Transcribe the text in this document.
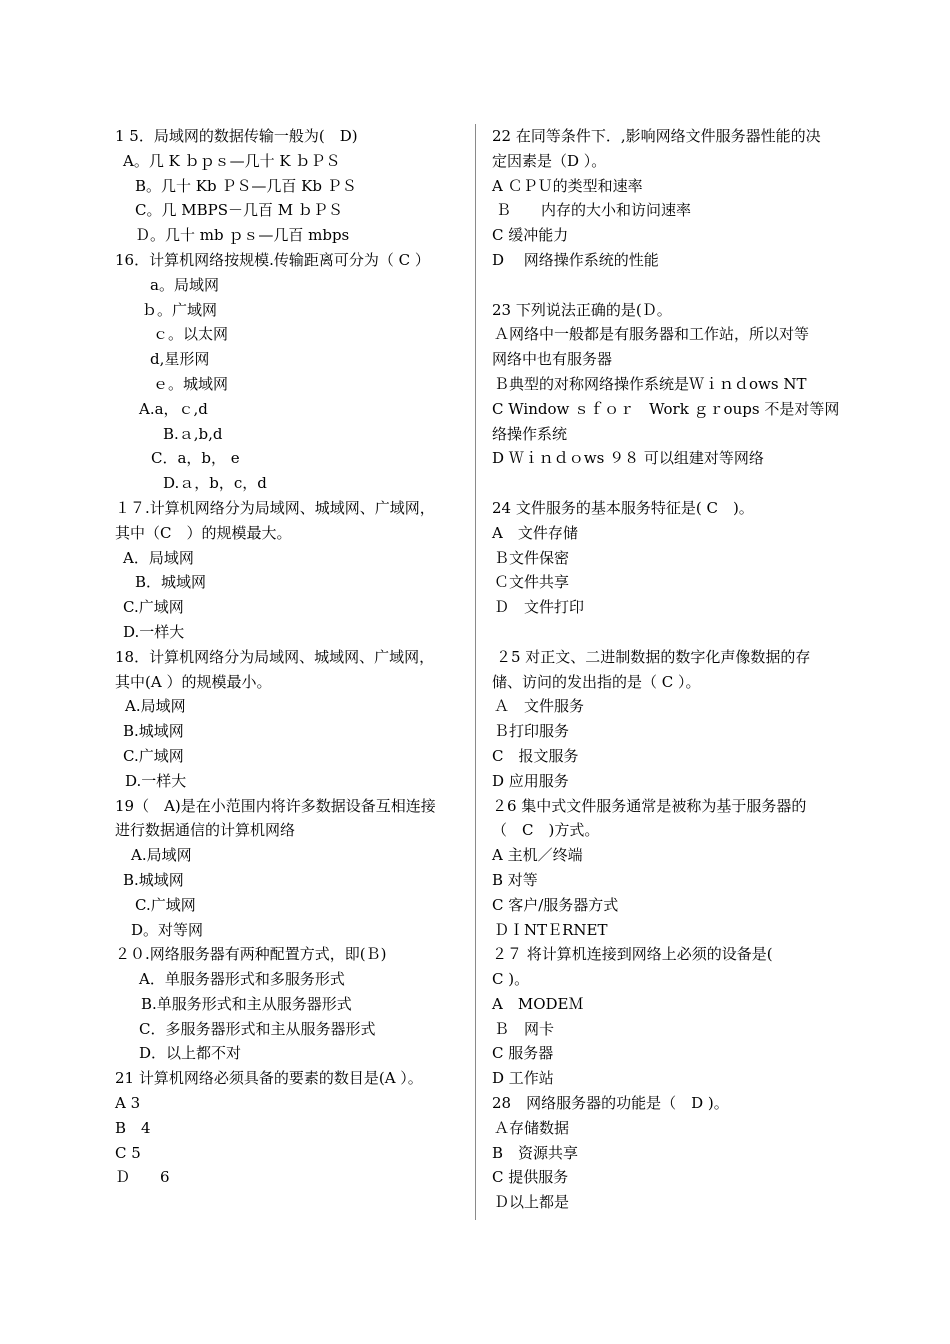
1 5．局域网的数据传输一般为(　D)
A。几 K ｂｐｓ—几十 K ｂＰＳ
B。几十 Kb ＰＳ—几百 Kb ＰＳ
C。几 MBPS－几百 M ｂＰＳ
Ｄ。几十 mb ｐｓ—几百 mbps
16．计算机网络按规模.传输距离可分为（ C ）
a。局域网
ｂ。广域网
ｃ。以太网
d,星形网
ｅ。城域网
A.a，ｃ,d
B.ａ,b,d
C．a，b， e
D.ａ，b，c，d
１７.计算机网络分为局域网、城域网、广域网，
其中（C　）的规模最大。
A．局域网
B．城域网
C.广域网
D.一样大
18．计算机网络分为局域网、城域网、广域网，
其中(A ）的规模最小。
A.局域网
B.城域网
C.广域网
D.一样大
19（　A)是在小范围内将许多数据设备互相连接
进行数据通信的计算机网络
A.局域网
B.城域网
C.广域网
D。对等网
２０.网络服务器有两种配置方式，即(Ｂ)
A．单服务器形式和多服务形式
B.单服务形式和主从服务器形式
C．多服务器形式和主从服务器形式
D．以上都不对
21 计算机网络必须具备的要素的数目是(A ）。
A 3
B　4
C 5
Ｄ　　6
22 在同等条件下．,影响网络文件服务器性能的决
定因素是（D ）。
A ＣＰＵ的类型和速率
Ｂ　　内存的大小和访问速率
C 缓冲能力
D　 网络操作系统的性能
23 下列说法正确的是(Ｄ。
Ａ网络中一般都是有服务器和工作站，所以对等
网络中也有服务器
Ｂ典型的对称网络操作系统是Ｗｉｎｄows NT
C Window ｓｆｏｒ　Work ｇｒoups 不是对等网
络操作系统
D Ｗｉｎｄｏws ９８ 可以组建对等网络
24 文件服务的基本服务特征是( C　)。
A　文件存储
Ｂ文件保密
Ｃ文件共享
Ｄ　文件打印
２5 对正文、二进制数据的数字化声像数据的存
储、访问的发出指的是（ C ）。
Ａ　文件服务
Ｂ打印服务
C　报文服务
D 应用服务
２6 集中式文件服务通常是被称为基于服务器的
（　C　)方式。
A 主机／终端
B 对等
C 客户/服务器方式
ＤＩNTＥRNET
２７ 将计算机连接到网络上必须的设备是(
C )。
A　MODEＭ
Ｂ　网卡
C 服务器
D 工作站
28　网络服务器的功能是（　D )。
Ａ存储数据
B　资源共享
C 提供服务
Ｄ以上都是
